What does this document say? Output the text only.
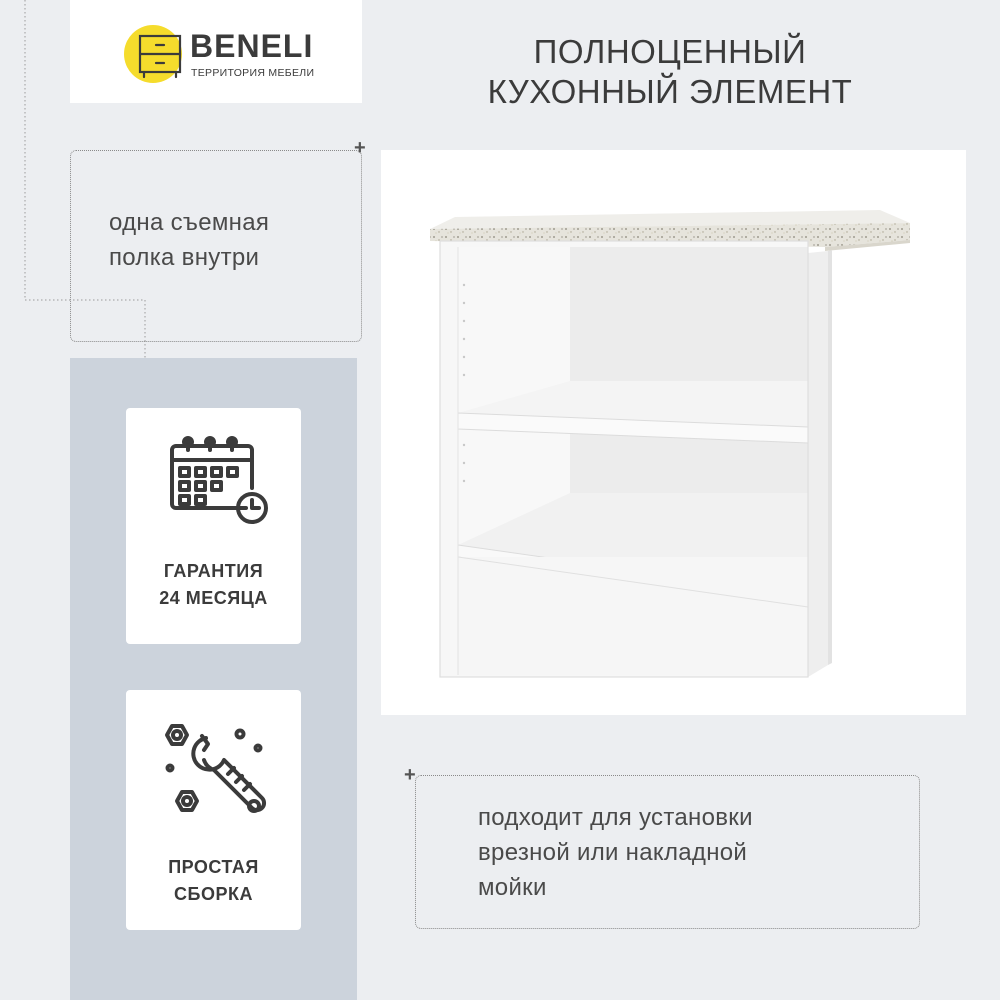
BENELI
ТЕРРИТОРИЯ МЕБЕЛИ
ПОЛНОЦЕННЫЙ
КУХОННЫЙ ЭЛЕМЕНТ
одна съемная
полка внутри
+
ГАРАНТИЯ
24 МЕСЯЦА
ПРОСТАЯ
СБОРКА
+
подходит для установки
врезной или накладной
мойки
